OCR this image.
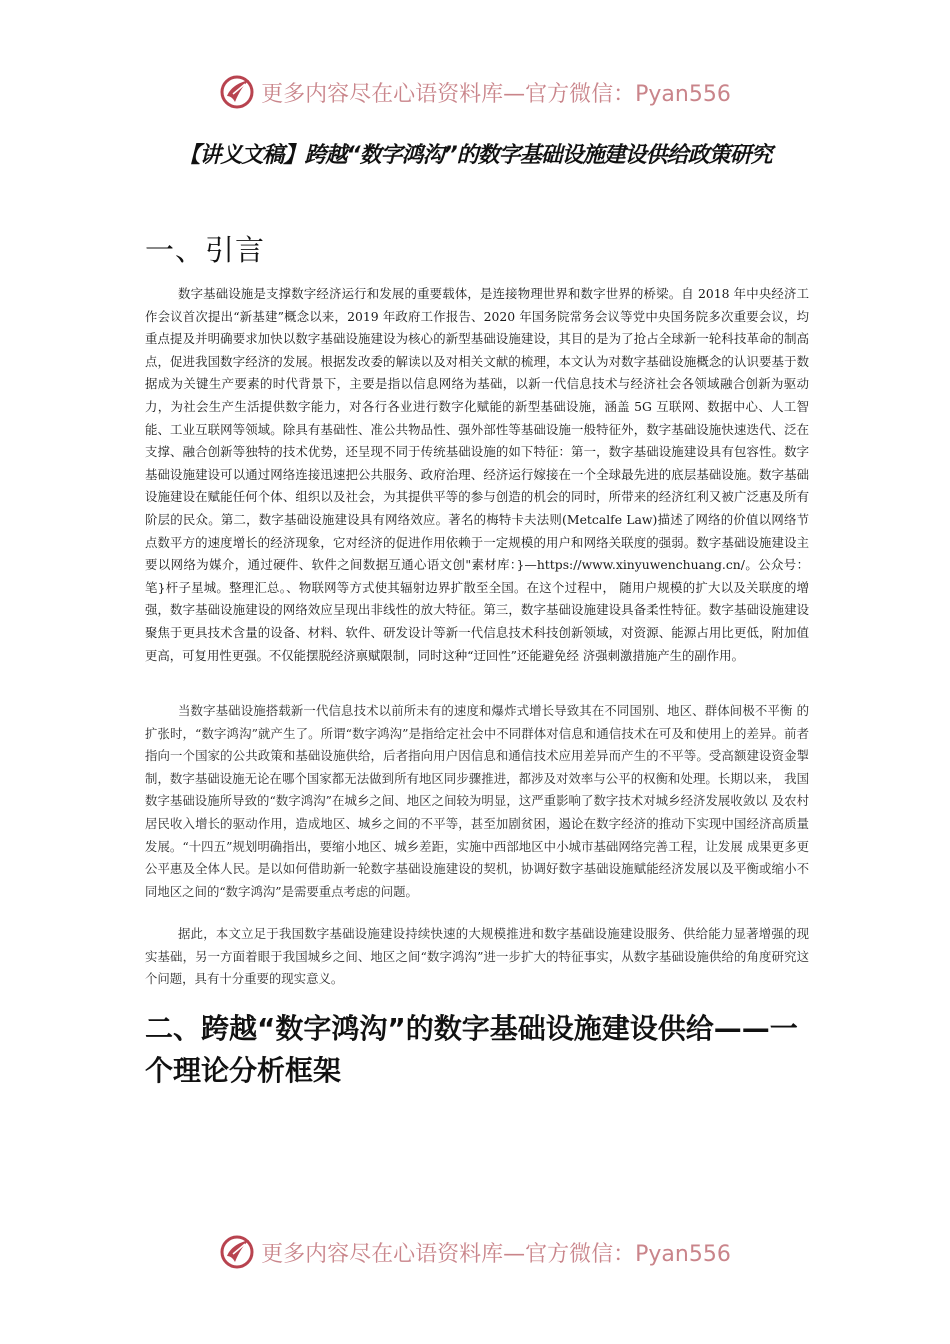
更多内容尽在心语资料库—官方微信：Pyan556
【讲义文稿】跨越“数字鸿沟”的数字基础设施建设供给政策研究
一、引言

数字基础设施是支撑数字经济运行和发展的重要载体，是连接物理世界和数字世界的桥梁。自 2018 年中央经济工作会议首次提出“新基建”概念以来，2019 年政府工作报告、2020 年国务院常务会议等党中央国务院多次重要会议，均重点提及并明确要求加快以数字基础设施建设为核心的新型基础设施建设，其目的是为了抢占全球新一轮科技革命的制高点，促进我国数字经济的发展。根据发改委的解读以及对相关文献的梳理，本文认为对数字基础设施概念的认识要基于数据成为关键生产要素的时代背景下，主要是指以信息网络为基础，以新一代信息技术与经济社会各领域融合创新为驱动力，为社会生产生活提供数字能力，对各行各业进行数字化赋能的新型基础设施，涵盖 5G 互联网、数据中心、人工智能、工业互联网等领域。除具有基础性、准公共物品性、强外部性等基础设施一般特征外，数字基础设施快速迭代、泛在支撑、融合创新等独特的技术优势，还呈现不同于传统基础设施的如下特征：第一，数字基础设施建设具有包容性。数字基础设施建设可以通过网络连接迅速把公共服务、政府治理、经济运行嫁接在一个全球最先进的底层基础设施。数字基础设施建设在赋能任何个体、组织以及社会，为其提供平等的参与创造的机会的同时，所带来的经济红利又被广泛惠及所有阶层的民众。第二，数字基础设施建设具有网络效应。著名的梅特卡夫法则(Metcalfe Law)描述了网络的价值以网络节点数平方的速度增长的经济现象，它对经济的促进作用依赖于一定规模的用户和网络关联度的强弱。数字基础设施建设主要以网络为媒介，通过硬件、软件之间数据互通心语文创"素材库：}—https://www.xinyuwenchuang.cn/。公众号：笔}杆子星城。整理汇总。、物联网等方式使其辐射边界扩散至全国。在这个过程中， 随用户规模的扩大以及关联度的增强，数字基础设施建设的网络效应呈现出非线性的放大特征。第三，数字基础设施建设具备柔性特征。数字基础设施建设聚焦于更具技术含量的设备、材料、软件、研发设计等新一代信息技术科技创新领域，对资源、能源占用比更低，附加值更高，可复用性更强。不仅能摆脱经济禀赋限制，同时这种“迂回性”还能避免经 济强刺激措施产生的副作用。

当数字基础设施搭载新一代信息技术以前所未有的速度和爆炸式增长导致其在不同国别、地区、群体间极不平衡 的扩张时，“数字鸿沟”就产生了。所谓“数字鸿沟”是指给定社会中不同群体对信息和通信技术在可及和使用上的差异。前者指向一个国家的公共政策和基础设施供给，后者指向用户因信息和通信技术应用差异而产生的不平等。受高额建设资金掣制，数字基础设施无论在哪个国家都无法做到所有地区同步骤推进，都涉及对效率与公平的权衡和处理。长期以来， 我国数字基础设施所导致的“数字鸿沟”在城乡之间、地区之间较为明显，这严重影响了数字技术对城乡经济发展收敛以 及农村居民收入增长的驱动作用，造成地区、城乡之间的不平等，甚至加剧贫困，遏论在数字经济的推动下实现中国经济高质量发展。“十四五”规划明确指出，要缩小地区、城乡差距，实施中西部地区中小城市基础网络完善工程，让发展 成果更多更公平惠及全体人民。是以如何借助新一轮数字基础设施建设的契机，协调好数字基础设施赋能经济发展以及平衡或缩小不同地区之间的“数字鸿沟”是需要重点考虑的问题。

据此，本文立足于我国数字基础设施建设持续快速的大规模推进和数字基础设施建设服务、供给能力显著增强的现实基础，另一方面着眼于我国城乡之间、地区之间“数字鸿沟”进一步扩大的特征事实，从数字基础设施供给的角度研究这个问题，具有十分重要的现实意义。

二、跨越“数字鸿沟”的数字基础设施建设供给——一个理论分析框架
更多内容尽在心语资料库—官方微信：Pyan556
